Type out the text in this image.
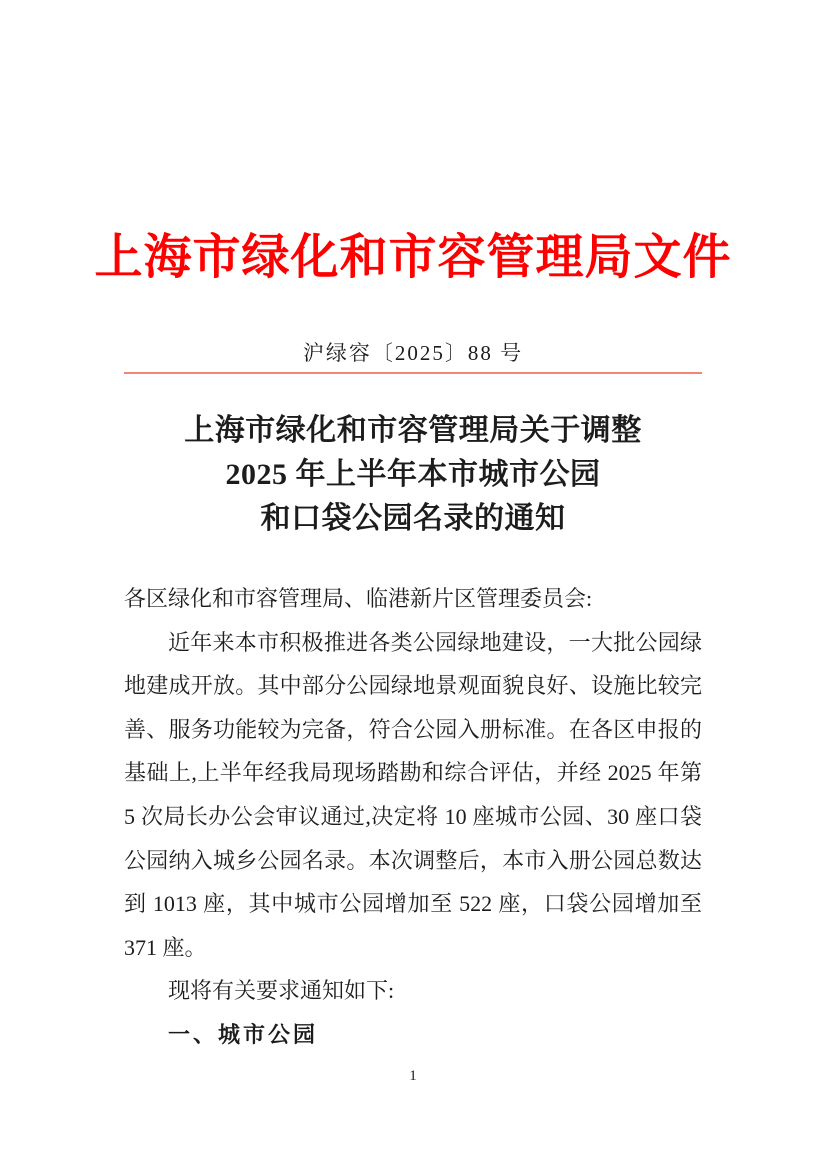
上海市绿化和市容管理局文件
沪绿容〔2025〕88 号
上海市绿化和市容管理局关于调整
2025 年上半年本市城市公园
和口袋公园名录的通知
各区绿化和市容管理局、临港新片区管理委员会:
近年来本市积极推进各类公园绿地建设，一大批公园绿
地建成开放。其中部分公园绿地景观面貌良好、设施比较完
善、服务功能较为完备，符合公园入册标准。在各区申报的
基础上,上半年经我局现场踏勘和综合评估，并经 2025 年第
5 次局长办公会审议通过,决定将 10 座城市公园、30 座口袋
公园纳入城乡公园名录。本次调整后，本市入册公园总数达
到 1013 座，其中城市公园增加至 522 座，口袋公园增加至
371 座。
现将有关要求通知如下:
一、城市公园
1
